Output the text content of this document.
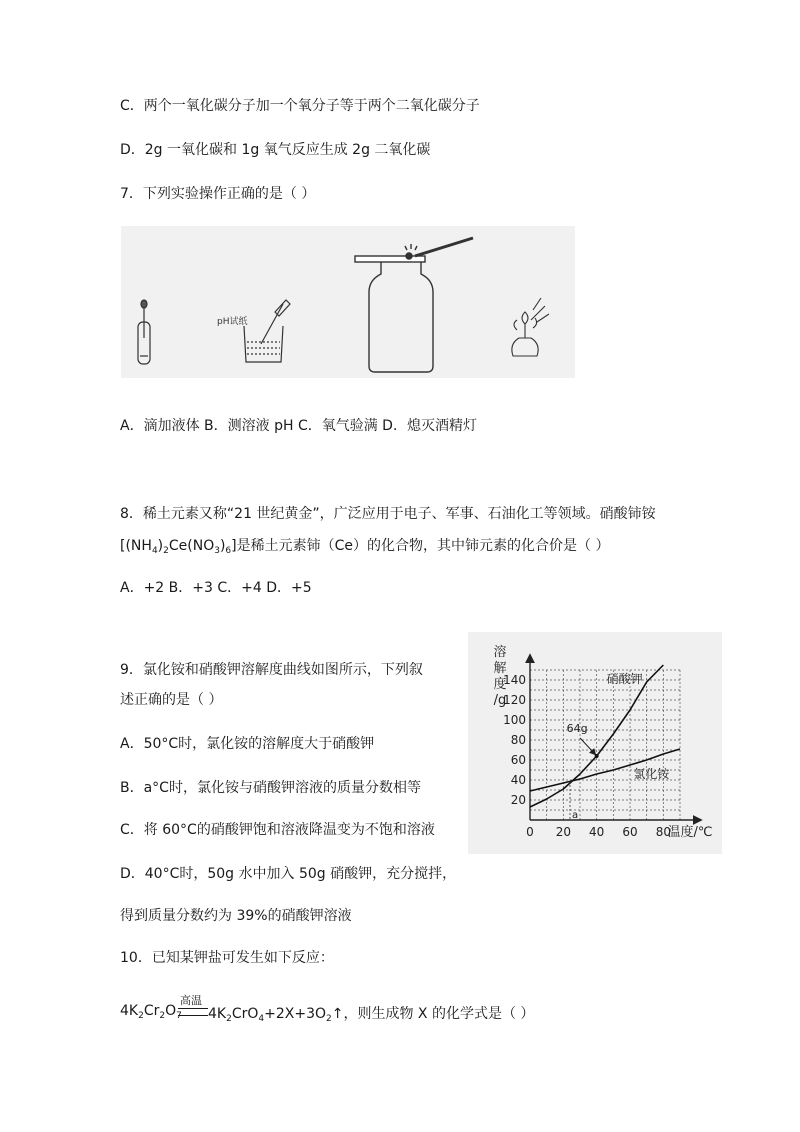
C．两个一氧化碳分子加一个氧分子等于两个二氧化碳分子
D．2g 一氧化碳和 1g 氧气反应生成 2g 二氧化碳
7．下列实验操作正确的是（ ）
pH试纸
A．滴加液体 B．测溶液 pH C．氧气验满 D．熄灭酒精灯
8．稀土元素又称“21 世纪黄金”，广泛应用于电子、军事、石油化工等领域。硝酸铈铵
$[(NH_4)_2Ce(NO_3)_6]$是稀土元素铈（Ce）的化合物，其中铈元素的化合价是（ ）
A．+2 B．+3 C．+4 D．+5
9．氯化铵和硝酸钾溶解度曲线如图所示，下列叙
述正确的是（ ）
A．50°C时，氯化铵的溶解度大于硝酸钾
B．a°C时，氯化铵与硝酸钾溶液的质量分数相等
C．将 60°C的硝酸钾饱和溶液降温变为不饱和溶液
D．40°C时，50g 水中加入 50g 硝酸钾，充分搅拌，
得到质量分数约为 39%的硝酸钾溶液
20
40
60
80
100
120
140
0 20 40 60 80
溶
解
度
/g
温度/℃
硝酸钾
氯化铵
64g
a
10．已知某钾盐可发生如下反应：
$4K_2Cr_2O_7$
高温
$4K_2CrO_4+2X+3O_2↑$，则生成物 X 的化学式是（ ）
